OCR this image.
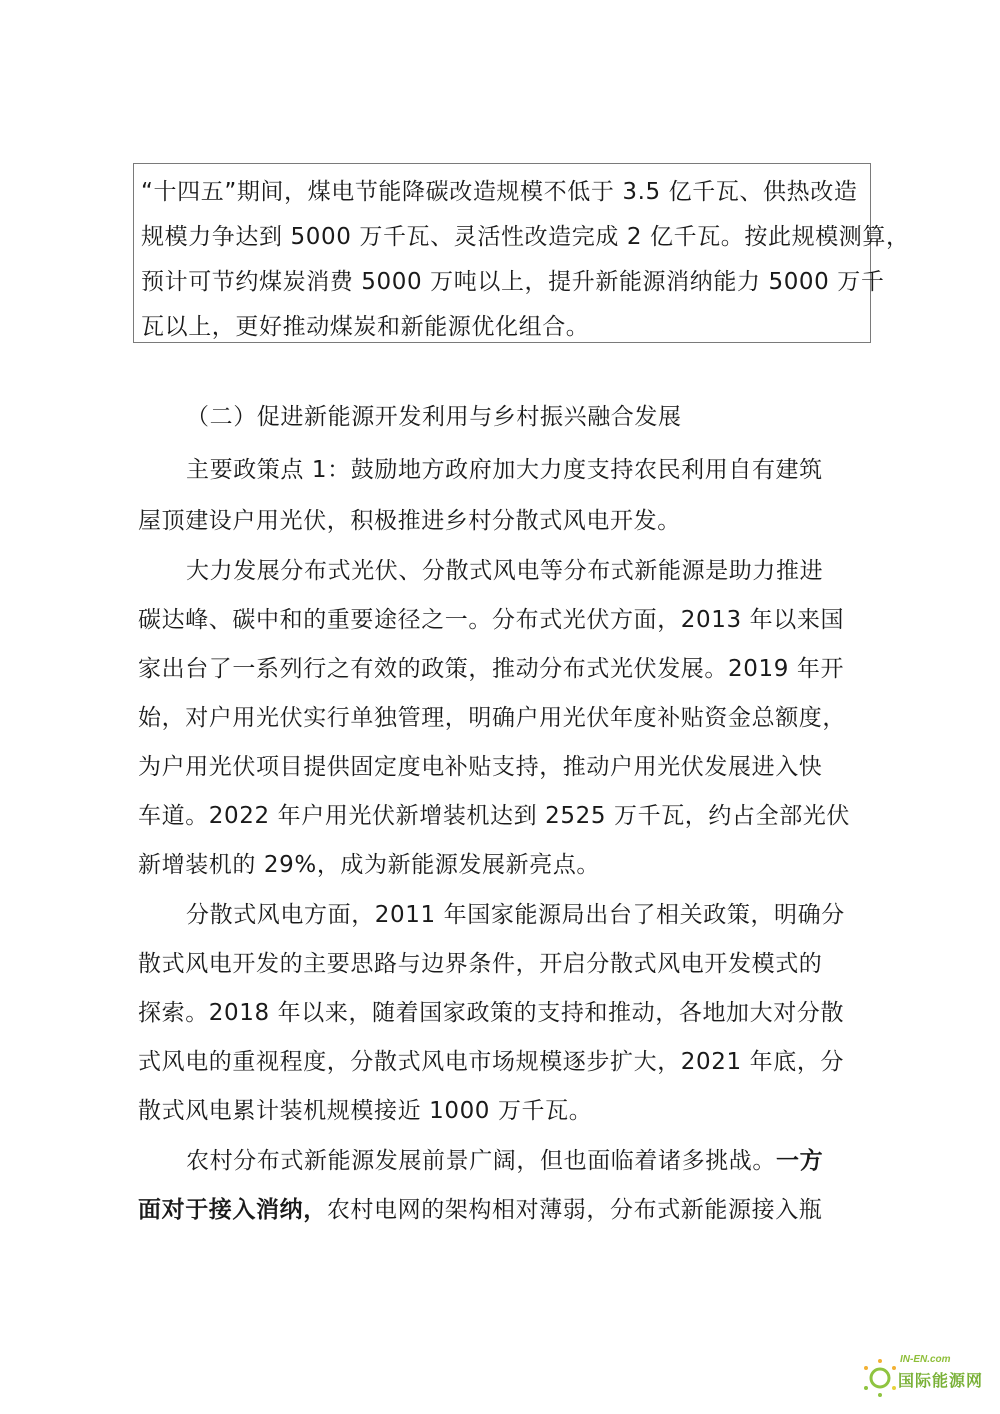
“十四五”期间，煤电节能降碳改造规模不低于 3.5 亿千瓦、供热改造
规模力争达到 5000 万千瓦、灵活性改造完成 2 亿千瓦。按此规模测算，
预计可节约煤炭消费 5000 万吨以上，提升新能源消纳能力 5000 万千
瓦以上，更好推动煤炭和新能源优化组合。
（二）促进新能源开发利用与乡村振兴融合发展
主要政策点 1：鼓励地方政府加大力度支持农民利用自有建筑
屋顶建设户用光伏，积极推进乡村分散式风电开发。
大力发展分布式光伏、分散式风电等分布式新能源是助力推进
碳达峰、碳中和的重要途径之一。分布式光伏方面，2013 年以来国
家出台了一系列行之有效的政策，推动分布式光伏发展。2019 年开
始，对户用光伏实行单独管理，明确户用光伏年度补贴资金总额度，
为户用光伏项目提供固定度电补贴支持，推动户用光伏发展进入快
车道。2022 年户用光伏新增装机达到 2525 万千瓦，约占全部光伏
新增装机的 29%，成为新能源发展新亮点。
分散式风电方面，2011 年国家能源局出台了相关政策，明确分
散式风电开发的主要思路与边界条件，开启分散式风电开发模式的
探索。2018 年以来，随着国家政策的支持和推动，各地加大对分散
式风电的重视程度，分散式风电市场规模逐步扩大，2021 年底，分
散式风电累计装机规模接近 1000 万千瓦。
农村分布式新能源发展前景广阔，但也面临着诸多挑战。一方
面对于接入消纳，农村电网的架构相对薄弱，分布式新能源接入瓶
IN-EN.com
国际能源网
